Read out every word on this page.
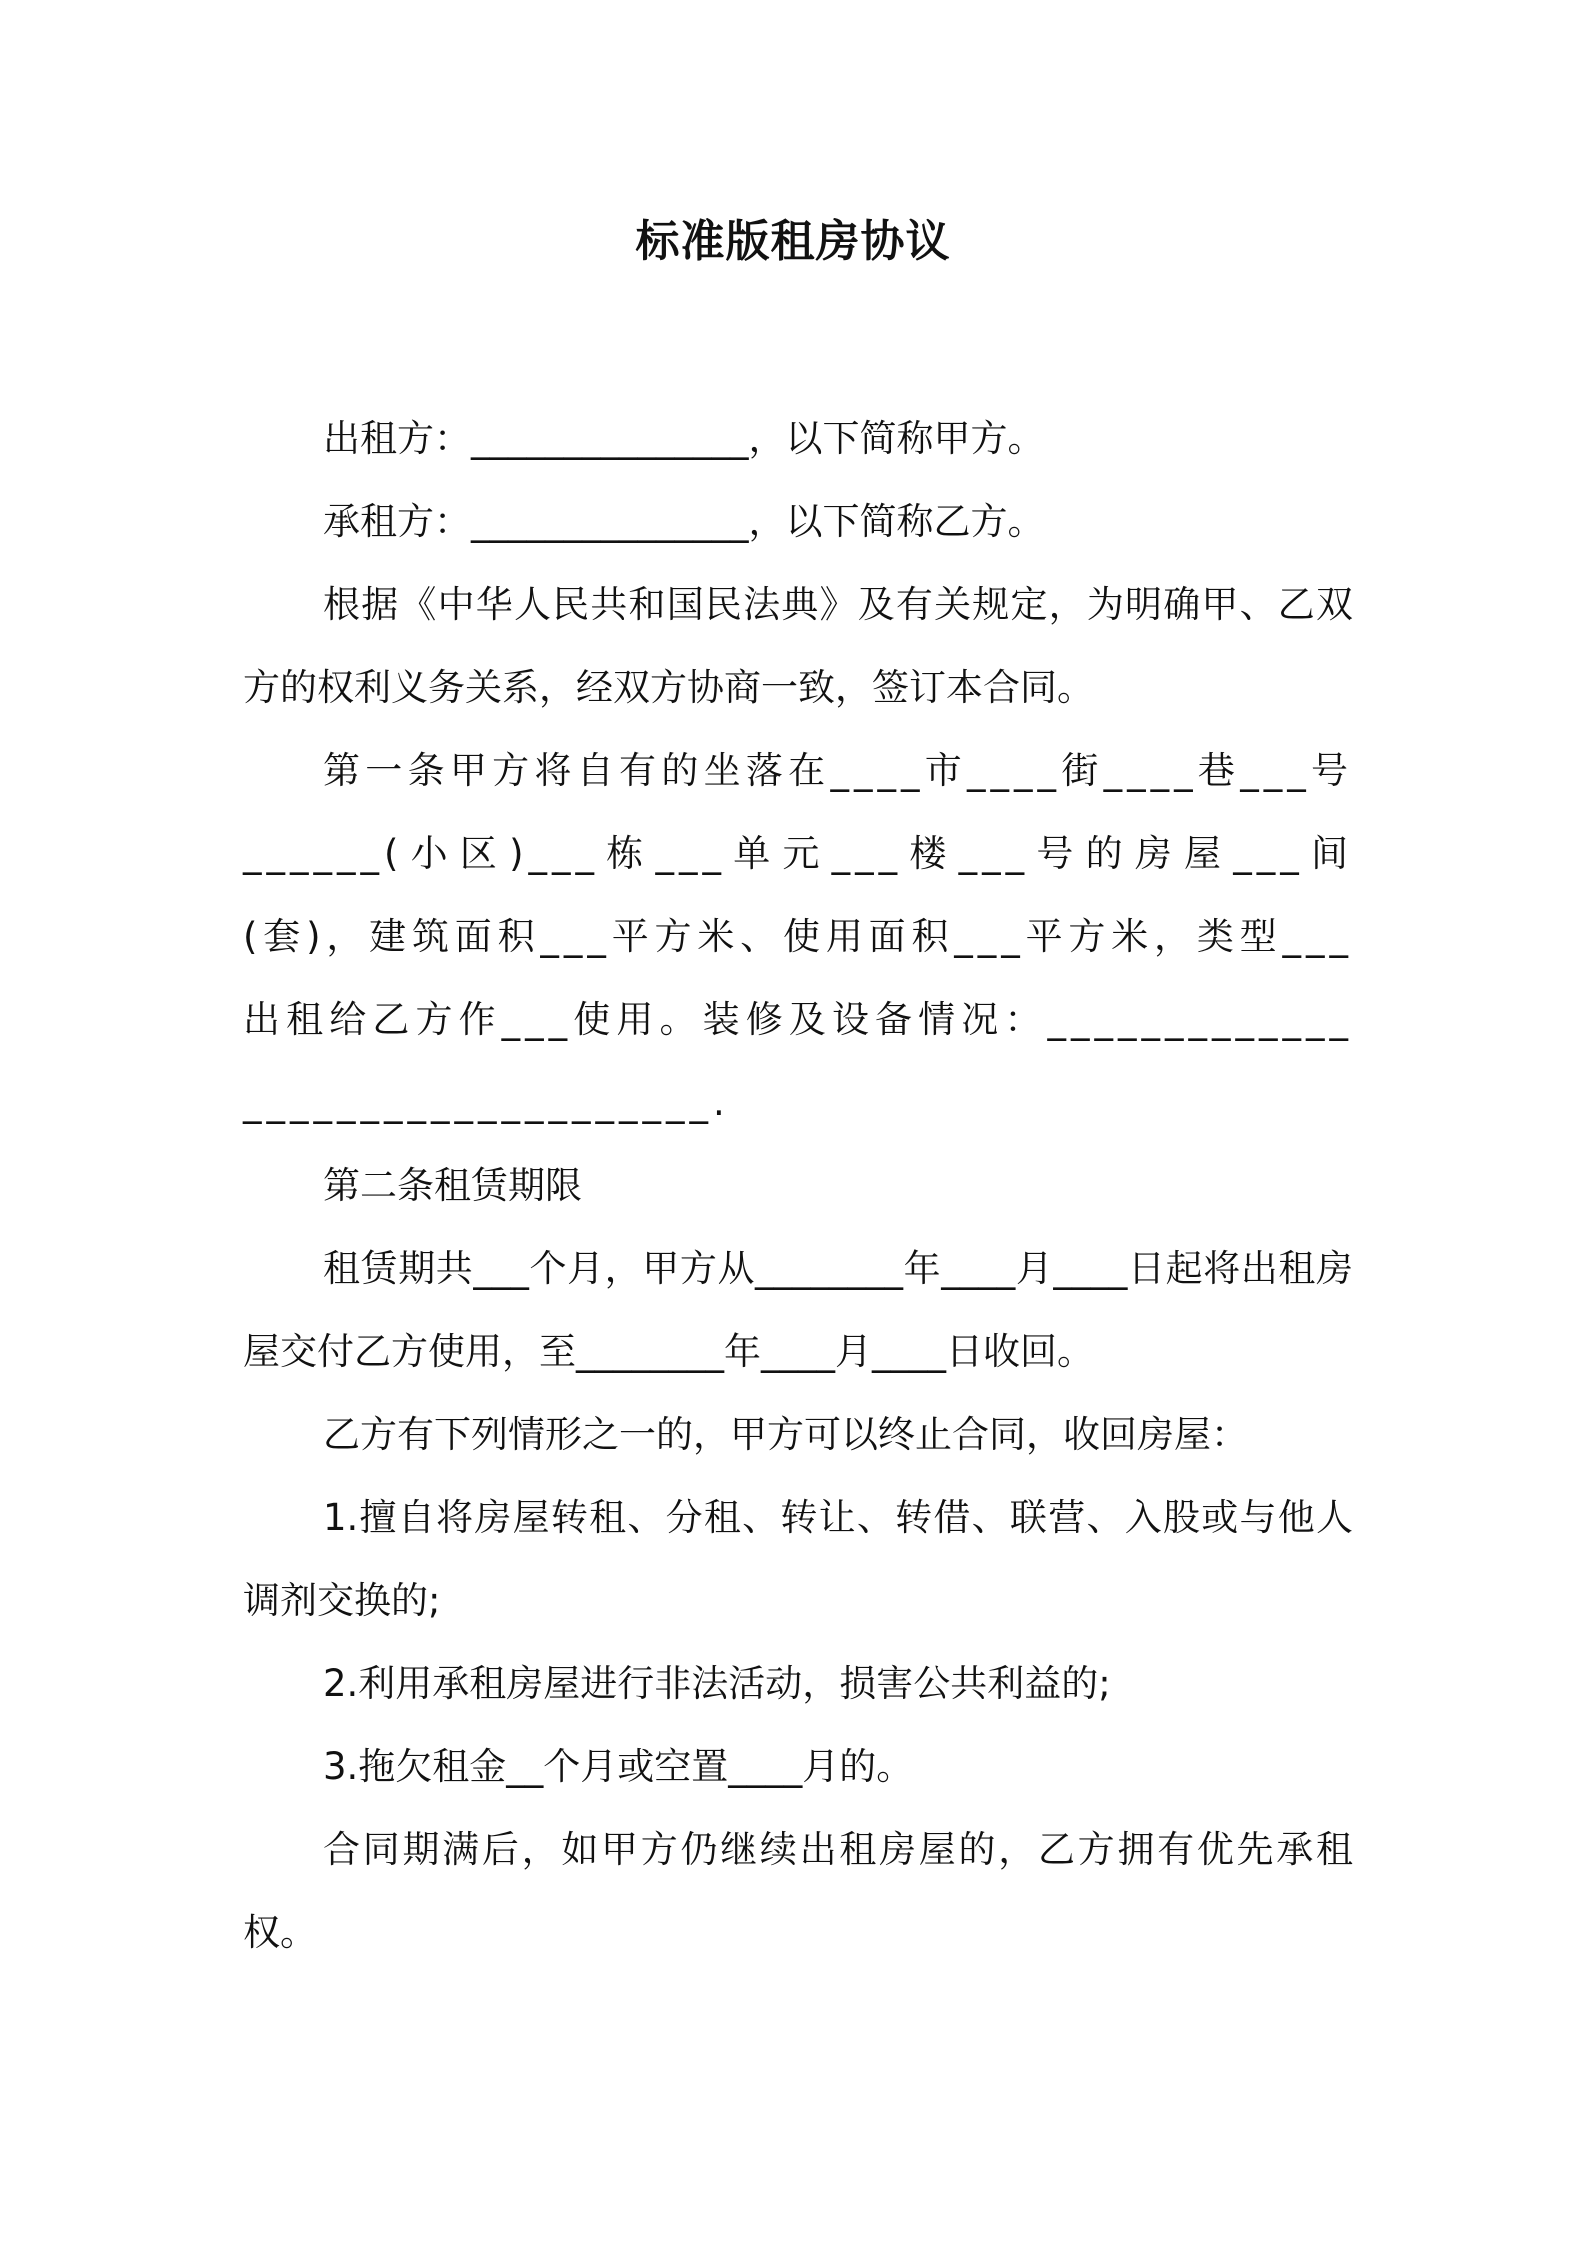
标准版租房协议

出租方：_______________，以下简称甲方。

承租方：_______________，以下简称乙方。

根据《中华人民共和国民法典》及有关规定，为明确甲、乙双方的权利义务关系，经双方协商一致，签订本合同。

第一条甲方将自有的坐落在____市____街____巷___号______(小区)___栋___单元___楼___号的房屋___间(套)，建筑面积___平方米、使用面积___平方米，类型___出租给乙方作___使用。装修及设备情况：_________________________________.

第二条租赁期限

租赁期共___个月，甲方从________年____月____日起将出租房屋交付乙方使用，至________年____月____日收回。

乙方有下列情形之一的，甲方可以终止合同，收回房屋：

1.擅自将房屋转租、分租、转让、转借、联营、入股或与他人调剂交换的;

2.利用承租房屋进行非法活动，损害公共利益的;

3.拖欠租金__个月或空置____月的。

合同期满后，如甲方仍继续出租房屋的，乙方拥有优先承租权。
